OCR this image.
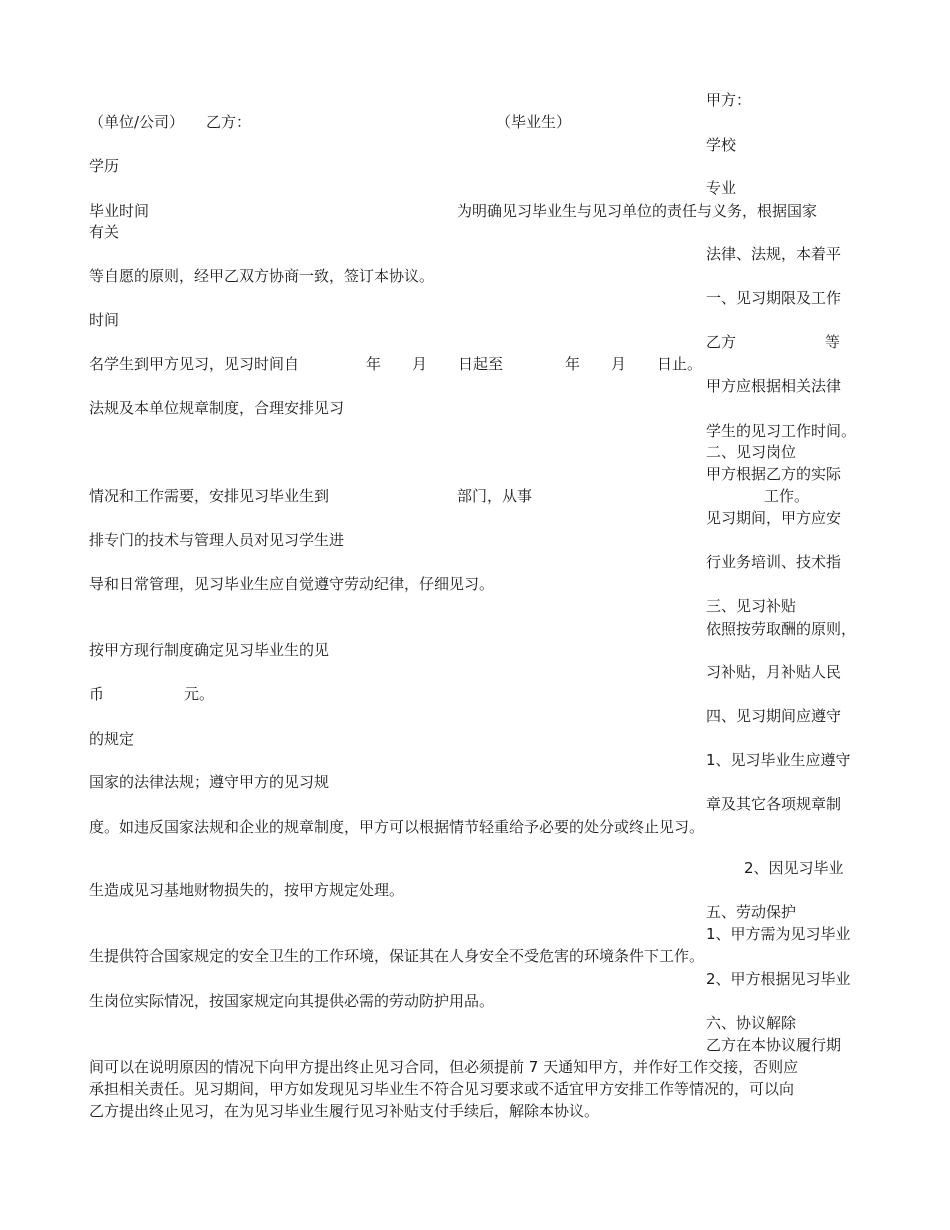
甲方：
（单位/公司） 乙方：	（毕业生）
学校
学历
专业
毕业时间	为明确见习毕业生与见习单位的责任与义务，根据国家
有关
法律、法规，本着平
等自愿的原则，经甲乙双方协商一致，签订本协议。
一、见习期限及工作
时间
乙方	等
名学生到甲方见习，见习时间自	年 月 日起至	年 月 日止。
甲方应根据相关法律
法规及本单位规章制度，合理安排见习
学生的见习工作时间。
二、见习岗位
甲方根据乙方的实际
情况和工作需要，安排见习毕业生到	部门，从事	工作。
见习期间，甲方应安
排专门的技术与管理人员对见习学生进
行业务培训、技术指
导和日常管理，见习毕业生应自觉遵守劳动纪律，仔细见习。
三、见习补贴
依照按劳取酬的原则，
按甲方现行制度确定见习毕业生的见
习补贴，月补贴人民
币	元。
四、见习期间应遵守
的规定
1、见习毕业生应遵守
国家的法律法规；遵守甲方的见习规
章及其它各项规章制
度。如违反国家法规和企业的规章制度，甲方可以根据情节轻重给予必要的处分或终止见习。
2、因见习毕业
生造成见习基地财物损失的，按甲方规定处理。
五、劳动保护
1、甲方需为见习毕业
生提供符合国家规定的安全卫生的工作环境，保证其在人身安全不受危害的环境条件下工作。
2、甲方根据见习毕业
生岗位实际情况，按国家规定向其提供必需的劳动防护用品。
六、协议解除
乙方在本协议履行期
间可以在说明原因的情况下向甲方提出终止见习合同，但必须提前 7 天通知甲方，并作好工作交接，否则应
承担相关责任。见习期间，甲方如发现见习毕业生不符合见习要求或不适宜甲方安排工作等情况的，可以向
乙方提出终止见习，在为见习毕业生履行见习补贴支付手续后，解除本协议。
